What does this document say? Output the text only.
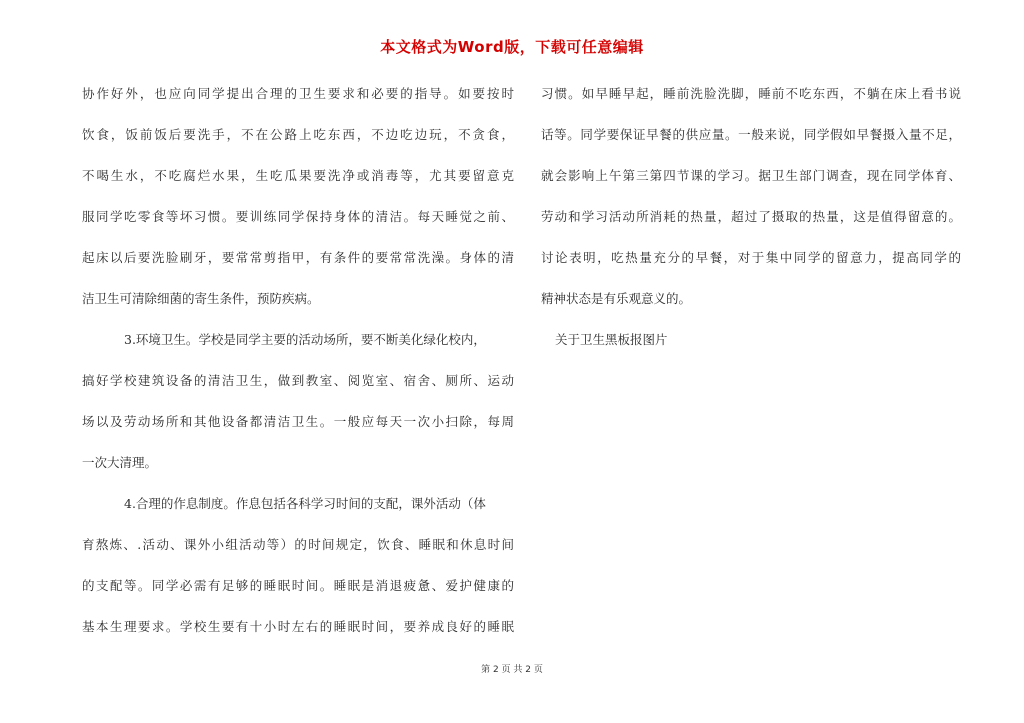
本文格式为Word版，下载可任意编辑
协作好外，也应向同学提出合理的卫生要求和必要的指导。如要按时
饮食，饭前饭后要洗手，不在公路上吃东西，不边吃边玩，不贪食，
不喝生水，不吃腐烂水果，生吃瓜果要洗净或消毒等，尤其要留意克
服同学吃零食等坏习惯。要训练同学保持身体的清洁。每天睡觉之前、
起床以后要洗脸刷牙，要常常剪指甲，有条件的要常常洗澡。身体的清
洁卫生可清除细菌的寄生条件，预防疾病。
3.环境卫生。学校是同学主要的活动场所，要不断美化绿化校内，
搞好学校建筑设备的清洁卫生，做到教室、阅览室、宿舍、厕所、运动
场以及劳动场所和其他设备都清洁卫生。一般应每天一次小扫除，每周
一次大清理。
4.合理的作息制度。作息包括各科学习时间的支配，课外活动（体
育熬炼、.活动、课外小组活动等）的时间规定，饮食、睡眠和休息时间
的支配等。同学必需有足够的睡眠时间。睡眠是消退疲惫、爱护健康的
基本生理要求。学校生要有十小时左右的睡眠时间，要养成良好的睡眠
习惯。如早睡早起，睡前洗脸洗脚，睡前不吃东西，不躺在床上看书说
话等。同学要保证早餐的供应量。一般来说，同学假如早餐摄入量不足，
就会影响上午第三第四节课的学习。据卫生部门调查，现在同学体育、
劳动和学习活动所消耗的热量，超过了摄取的热量，这是值得留意的。
讨论表明，吃热量充分的早餐，对于集中同学的留意力，提高同学的
精神状态是有乐观意义的。
关于卫生黑板报图片
第 2 页 共 2 页
